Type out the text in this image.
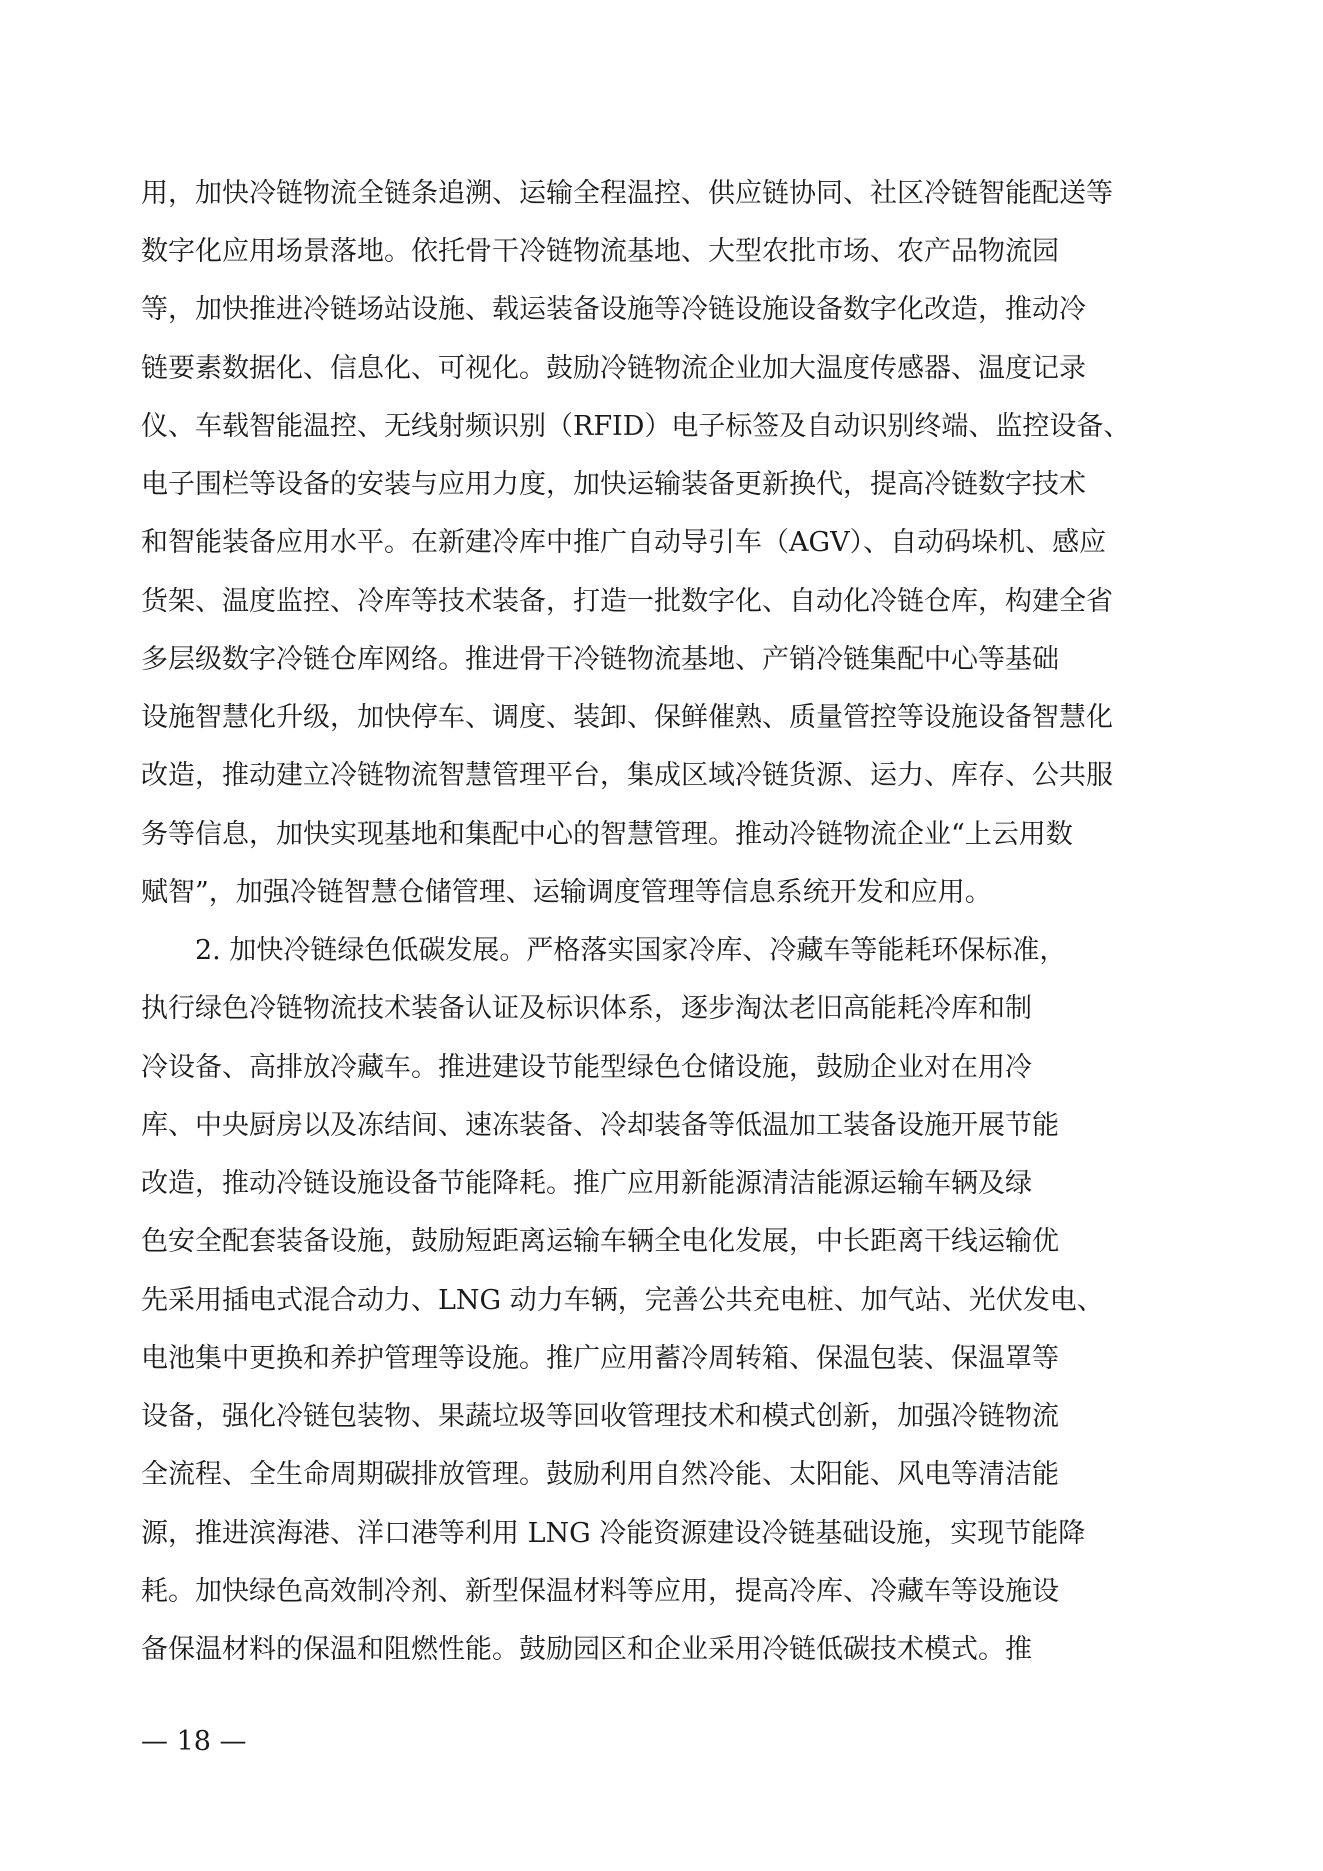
用，加快冷链物流全链条追溯、运输全程温控、供应链协同、社区冷链智能配送等
数字化应用场景落地。依托骨干冷链物流基地、大型农批市场、农产品物流园
等，加快推进冷链场站设施、载运装备设施等冷链设施设备数字化改造，推动冷
链要素数据化、信息化、可视化。鼓励冷链物流企业加大温度传感器、温度记录
仪、车载智能温控、无线射频识别（RFID）电子标签及自动识别终端、监控设备、
电子围栏等设备的安装与应用力度，加快运输装备更新换代，提高冷链数字技术
和智能装备应用水平。在新建冷库中推广自动导引车（AGV）、自动码垛机、感应
货架、温度监控、冷库等技术装备，打造一批数字化、自动化冷链仓库，构建全省
多层级数字冷链仓库网络。推进骨干冷链物流基地、产销冷链集配中心等基础
设施智慧化升级，加快停车、调度、装卸、保鲜催熟、质量管控等设施设备智慧化
改造，推动建立冷链物流智慧管理平台，集成区域冷链货源、运力、库存、公共服
务等信息，加快实现基地和集配中心的智慧管理。推动冷链物流企业“上云用数
赋智”，加强冷链智慧仓储管理、运输调度管理等信息系统开发和应用。
　　2. 加快冷链绿色低碳发展。严格落实国家冷库、冷藏车等能耗环保标准，
执行绿色冷链物流技术装备认证及标识体系，逐步淘汰老旧高能耗冷库和制
冷设备、高排放冷藏车。推进建设节能型绿色仓储设施，鼓励企业对在用冷
库、中央厨房以及冻结间、速冻装备、冷却装备等低温加工装备设施开展节能
改造，推动冷链设施设备节能降耗。推广应用新能源清洁能源运输车辆及绿
色安全配套装备设施，鼓励短距离运输车辆全电化发展，中长距离干线运输优
先采用插电式混合动力、LNG 动力车辆，完善公共充电桩、加气站、光伏发电、
电池集中更换和养护管理等设施。推广应用蓄冷周转箱、保温包装、保温罩等
设备，强化冷链包装物、果蔬垃圾等回收管理技术和模式创新，加强冷链物流
全流程、全生命周期碳排放管理。鼓励利用自然冷能、太阳能、风电等清洁能
源，推进滨海港、洋口港等利用 LNG 冷能资源建设冷链基础设施，实现节能降
耗。加快绿色高效制冷剂、新型保温材料等应用，提高冷库、冷藏车等设施设
备保温材料的保温和阻燃性能。鼓励园区和企业采用冷链低碳技术模式。推
— 18 —
